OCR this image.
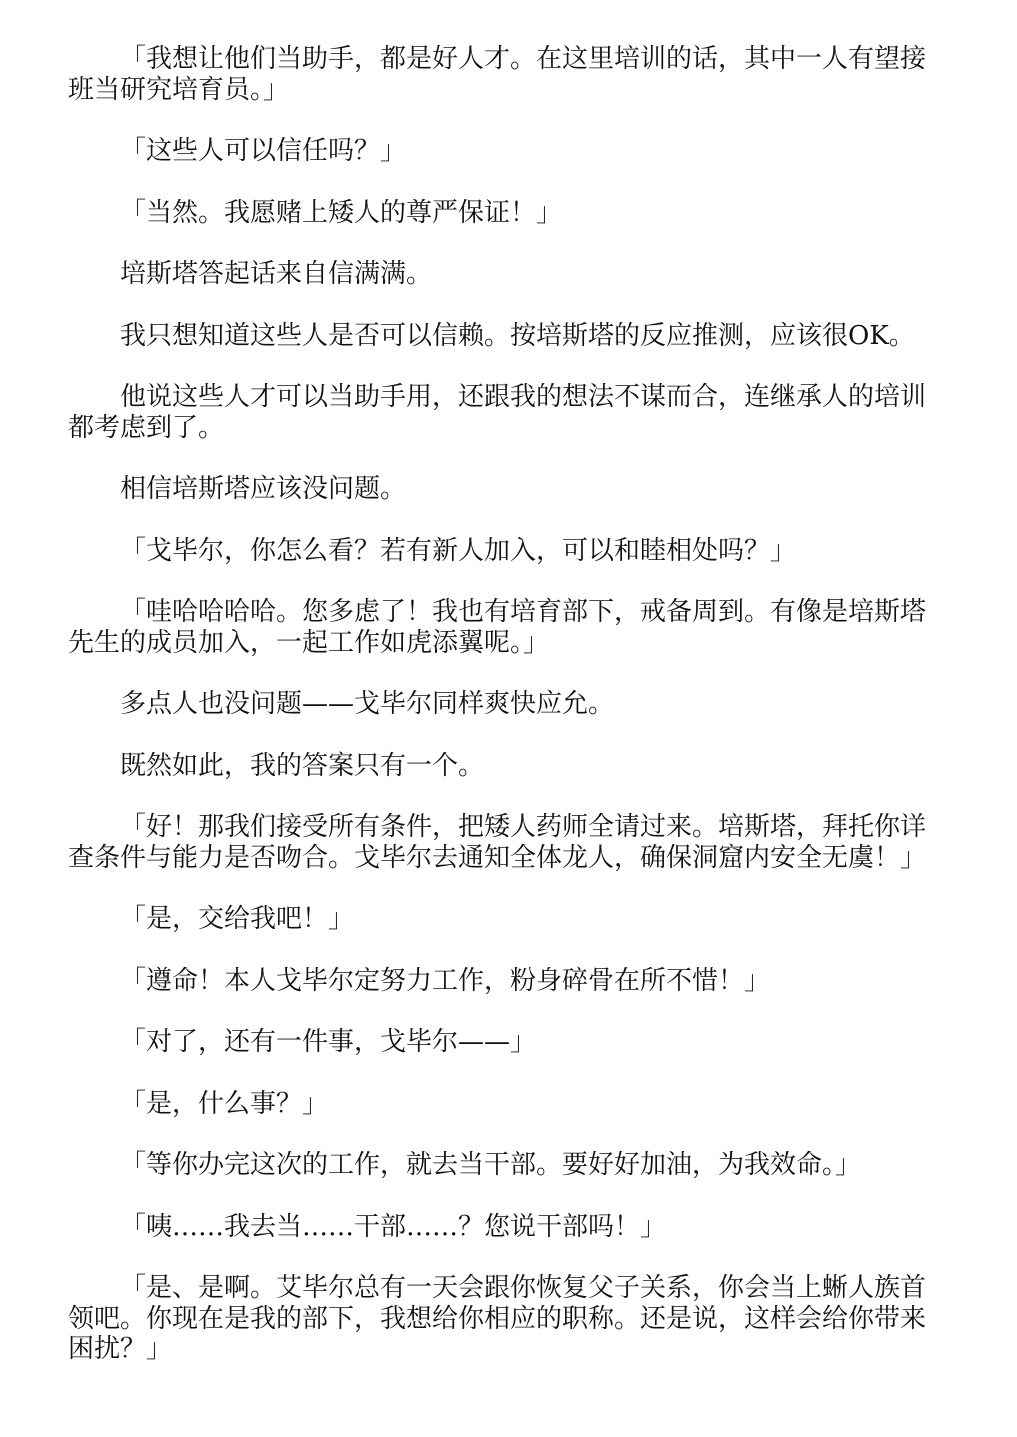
「我想让他们当助手，都是好人才。在这里培训的话，其中一人有望接班当研究培育员。」

「这些人可以信任吗？」

「当然。我愿赌上矮人的尊严保证！」

培斯塔答起话来自信满满。

我只想知道这些人是否可以信赖。按培斯塔的反应推测，应该很OK。

他说这些人才可以当助手用，还跟我的想法不谋而合，连继承人的培训都考虑到了。

相信培斯塔应该没问题。

「戈毕尔，你怎么看？若有新人加入，可以和睦相处吗？」

「哇哈哈哈哈。您多虑了！我也有培育部下，戒备周到。有像是培斯塔先生的成员加入，一起工作如虎添翼呢。」

多点人也没问题——戈毕尔同样爽快应允。

既然如此，我的答案只有一个。

「好！那我们接受所有条件，把矮人药师全请过来。培斯塔，拜托你详查条件与能力是否吻合。戈毕尔去通知全体龙人，确保洞窟内安全无虞！」

「是，交给我吧！」

「遵命！本人戈毕尔定努力工作，粉身碎骨在所不惜！」

「对了，还有一件事，戈毕尔——」

「是，什么事？」

「等你办完这次的工作，就去当干部。要好好加油，为我效命。」

「咦……我去当……干部……？您说干部吗！」

「是、是啊。艾毕尔总有一天会跟你恢复父子关系，你会当上蜥人族首领吧。你现在是我的部下，我想给你相应的职称。还是说，这样会给你带来困扰？」
